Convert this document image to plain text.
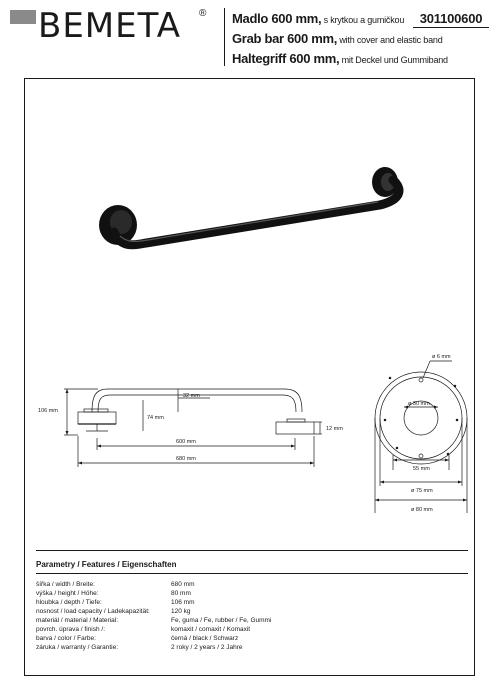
BEMETA ® Madlo 600 mm, s krytkou a gumičkou
Grab bar 600 mm, with cover and elastic band
Haltegriff 600 mm, mit Deckel und Gummiband
301100600
106 mm
32 mm
74 mm
12 mm
600 mm
680 mm
ø 6 mm
ø 30 mm
55 mm
ø 75 mm
ø 80 mm
Parametry / Features / Eigenschaften
šířka / width / Breite:	680 mm
výška / height / Höhe:	80 mm
hloubka / depth / Tiefe:	106 mm
nosnost / load capacity / Ladekapazität:	120 kg
materiál / material / Material:	Fe, guma / Fe, rubber / Fe, Gummi
povrch. úprava / finish /:	komaxit / comaxit / Komaxit
barva / color / Farbe:	černá / black / Schwarz
záruka / warranty / Garantie:	2 roky / 2 years / 2 Jahre
